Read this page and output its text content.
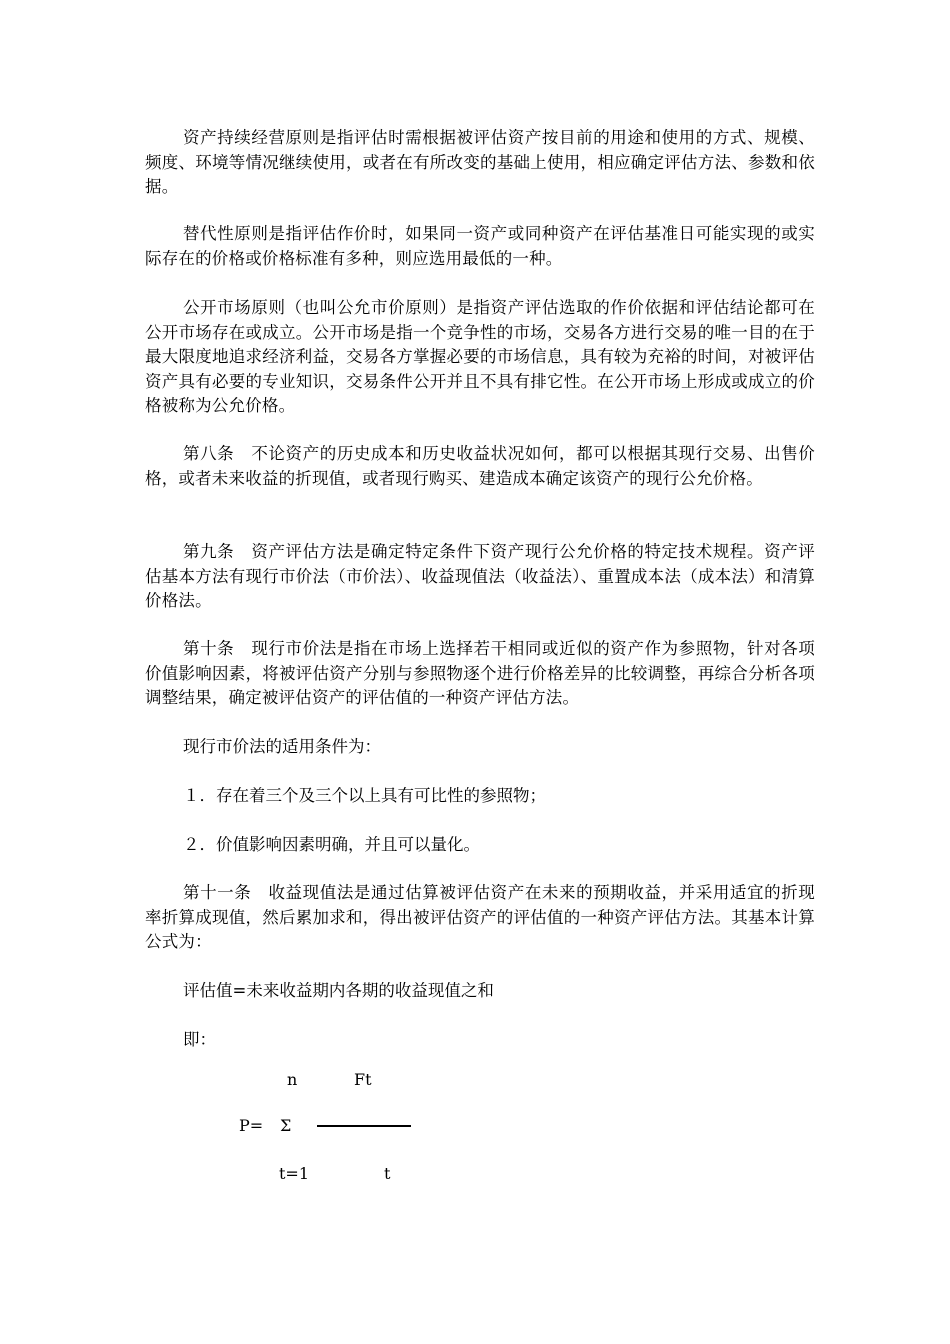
资产持续经营原则是指评估时需根据被评估资产按目前的用途和使用的方式、规模、频度、环境等情况继续使用，或者在有所改变的基础上使用，相应确定评估方法、参数和依据。

替代性原则是指评估作价时，如果同一资产或同种资产在评估基准日可能实现的或实际存在的价格或价格标准有多种，则应选用最低的一种。

公开市场原则（也叫公允市价原则）是指资产评估选取的作价依据和评估结论都可在公开市场存在或成立。公开市场是指一个竞争性的市场，交易各方进行交易的唯一目的在于最大限度地追求经济利益，交易各方掌握必要的市场信息，具有较为充裕的时间，对被评估资产具有必要的专业知识，交易条件公开并且不具有排它性。在公开市场上形成或成立的价格被称为公允价格。

第八条　不论资产的历史成本和历史收益状况如何，都可以根据其现行交易、出售价格，或者未来收益的折现值，或者现行购买、建造成本确定该资产的现行公允价格。

第九条　资产评估方法是确定特定条件下资产现行公允价格的特定技术规程。资产评估基本方法有现行市价法（市价法）、收益现值法（收益法）、重置成本法（成本法）和清算价格法。

第十条　现行市价法是指在市场上选择若干相同或近似的资产作为参照物，针对各项价值影响因素，将被评估资产分别与参照物逐个进行价格差异的比较调整，再综合分析各项调整结果，确定被评估资产的评估值的一种资产评估方法。

现行市价法的适用条件为：

１．存在着三个及三个以上具有可比性的参照物；

２．价值影响因素明确，并且可以量化。

第十一条　收益现值法是通过估算被评估资产在未来的预期收益，并采用适宜的折现率折算成现值，然后累加求和，得出被评估资产的评估值的一种资产评估方法。其基本计算公式为：

评估值=未来收益期内各期的收益现值之和

即：

n	Ft
P= Σ
t=1	t
